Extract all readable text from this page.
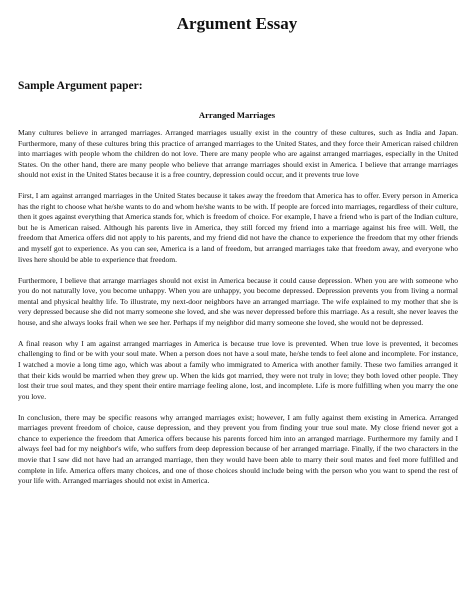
Argument Essay
Sample Argument paper:
Arranged Marriages

Many cultures believe in arranged marriages. Arranged marriages usually exist in the country of these cultures, such as India and Japan. Furthermore, many of these cultures bring this practice of arranged marriages to the United States, and they force their American raised children into marriages with people whom the children do not love. There are many people who are against arranged marriages, especially in the United States. On the other hand, there are many people who believe that arrange marriages should exist in America. I believe that arrange marriages should not exist in the United States because it is a free country, depression could occur, and it prevents true love

First, I am against arranged marriages in the United States because it takes away the freedom that America has to offer. Every person in America has the right to choose what he/she wants to do and whom he/she wants to be with. If people are forced into marriages, regardless of their culture, then it goes against everything that America stands for, which is freedom of choice. For example, I have a friend who is part of the Indian culture, but he is American raised. Although his parents live in America, they still forced my friend into a marriage against his free will. Well, the freedom that America offers did not apply to his parents, and my friend did not have the chance to experience the freedom that my other friends and myself got to experience. As you can see, America is a land of freedom, but arranged marriages take that freedom away, and everyone who lives here should be able to experience that freedom.

Furthermore, I believe that arrange marriages should not exist in America because it could cause depression. When you are with someone who you do not naturally love, you become unhappy. When you are unhappy, you become depressed. Depression prevents you from living a normal mental and physical healthy life. To illustrate, my next-door neighbors have an arranged marriage. The wife explained to my mother that she is very depressed because she did not marry someone she loved, and she was never depressed before this marriage. As a result, she never leaves the house, and she always looks frail when we see her. Perhaps if my neighbor did marry someone she loved, she would not be depressed.

A final reason why I am against arranged marriages in America is because true love is prevented. When true love is prevented, it becomes challenging to find or be with your soul mate. When a person does not have a soul mate, he/she tends to feel alone and incomplete. For instance, I watched a movie a long time ago, which was about a family who immigrated to America with another family. These two families arranged it that their kids would be married when they grew up. When the kids got married, they were not truly in love; they both loved other people. They lost their true soul mates, and they spent their entire marriage feeling alone, lost, and incomplete. Life is more fulfilling when you marry the one you love.

In conclusion, there may be specific reasons why arranged marriages exist; however, I am fully against them existing in America. Arranged marriages prevent freedom of choice, cause depression, and they prevent you from finding your true soul mate. My close friend never got a chance to experience the freedom that America offers because his parents forced him into an arranged marriage. Furthermore my family and I always feel bad for my neighbor's wife, who suffers from deep depression because of her arranged marriage. Finally, if the two characters in the movie that I saw did not have had an arranged marriage, then they would have been able to marry their soul mates and feel more fulfilled and complete in life. America offers many choices, and one of those choices should include being with the person who you want to spend the rest of your life with. Arranged marriages should not exist in America.
